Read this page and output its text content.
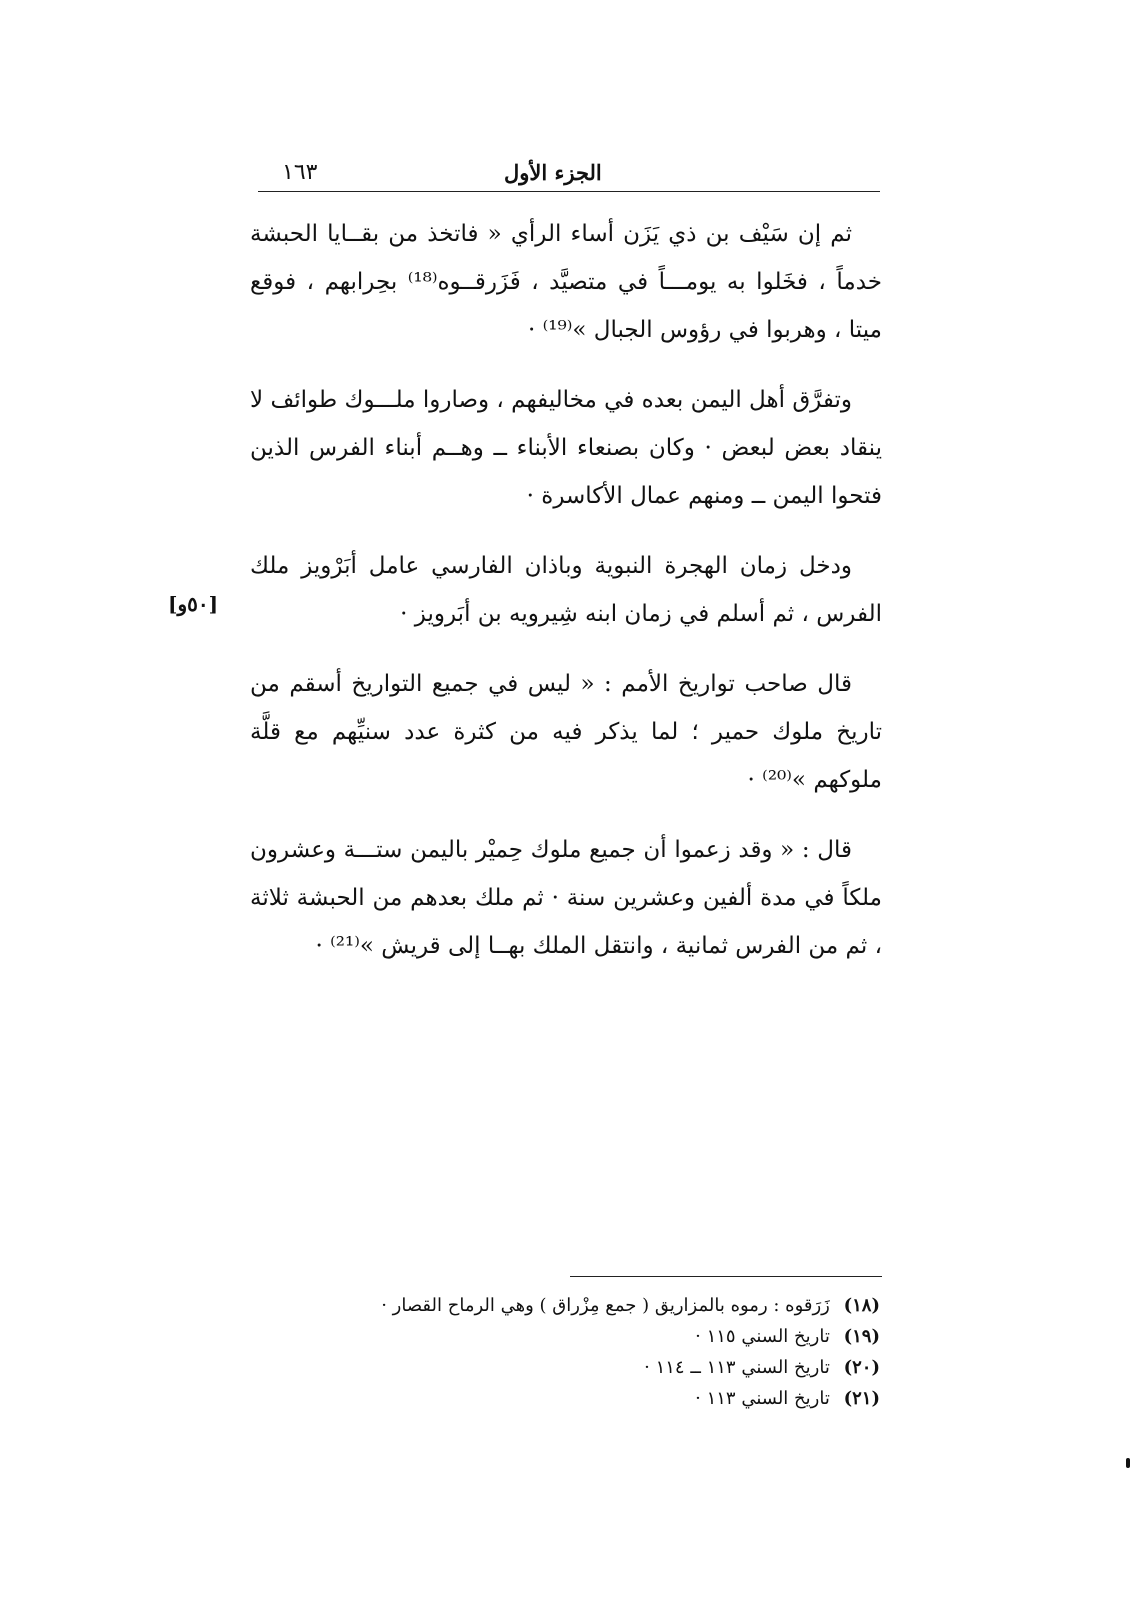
١٦٣	الجزء الأول

ثم إن سَيْف بن ذي يَزَن أساء الرأي « فاتخذ من بقــايا الحبشة خدماً ، فخَلوا به يومـــاً في متصيَّد ، فَزَرقــوه⁽¹⁸⁾ بحِرابهم ، فوقع ميتا ، وهربوا في رؤوس الجبال »⁽¹⁹⁾ ·

وتفرَّق أهل اليمن بعده في مخاليفهم ، وصاروا ملـــوك طوائف لا ينقاد بعض لبعض · وكان بصنعاء الأبناء ــ وهــم أبناء الفرس الذين فتحوا اليمن ــ ومنهم عمال الأكاسرة ·

ودخل زمان الهجرة النبوية وباذان الفارسي عامل أبَرْويز ملك الفرس ، ثم أسلم في زمان ابنه شِيرويه بن أبَرويز ·

قال صاحب تواريخ الأمم : « ليس في جميع التواريخ أسقم من تاريخ ملوك حمير ؛ لما يذكر فيه من كثرة عدد سنيِّهم مع قلَّة ملوكهم »⁽²⁰⁾ ·

قال : « وقد زعموا أن جميع ملوك حِميْر باليمن ستـــة وعشرون ملكاً في مدة ألفين وعشرين سنة · ثم ملك بعدهم من الحبشة ثلاثة ، ثم من الفرس ثمانية ، وانتقل الملك بهــا إلى قريش »⁽²¹⁾ ·

[٥٠و]

(١٨) زَرَقوه : رموه بالمزاريق ( جمع مِزْراق ) وهي الرماح القصار ·

(١٩) تاريخ السني ١١٥ ·

(٢٠) تاريخ السني ١١٣ ــ ١١٤ ·

(٢١) تاريخ السني ١١٣ ·
